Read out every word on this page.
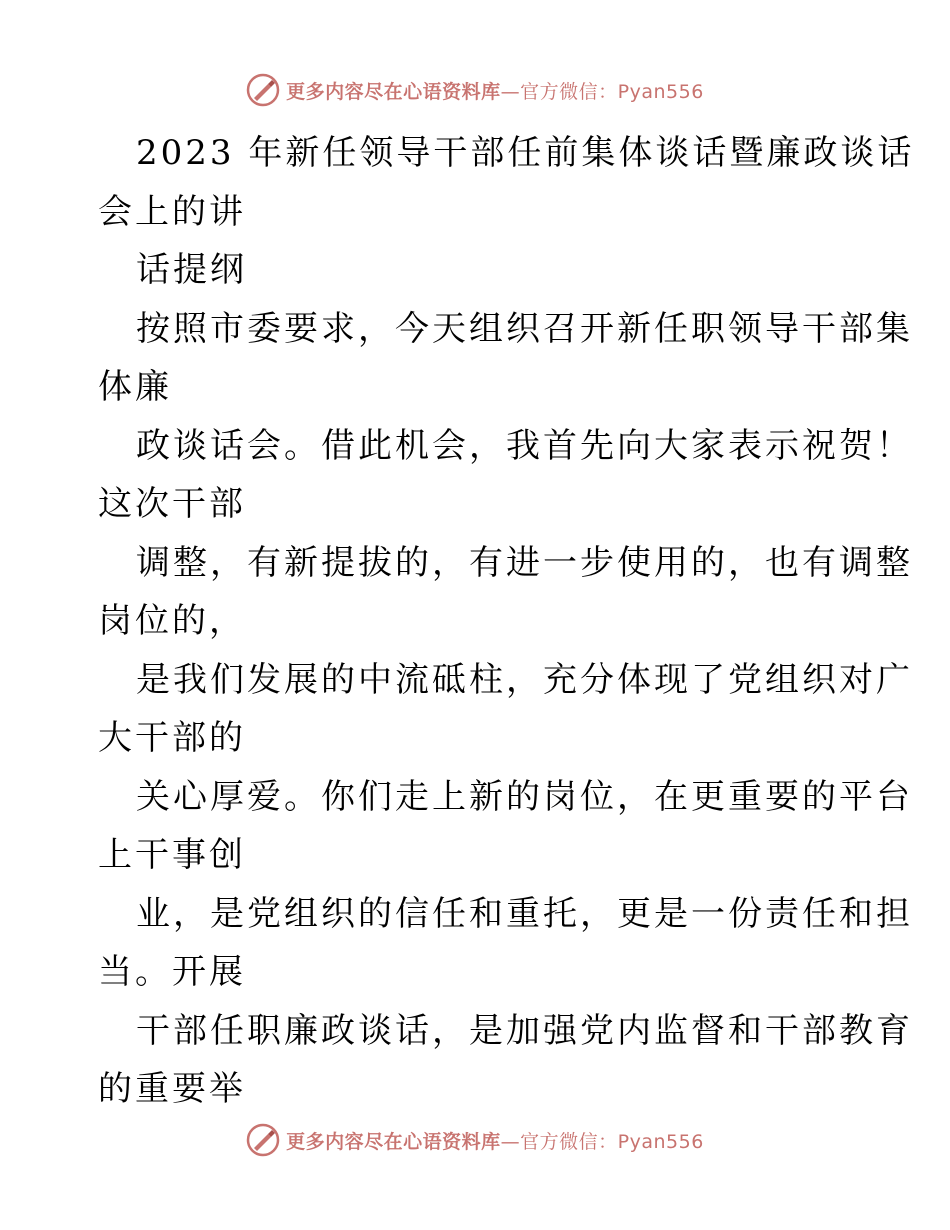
更多内容尽在心语资料库—官方微信：Pyan556
2023 年新任领导干部任前集体谈话暨廉政谈话
会上的讲
话提纲
按照市委要求，今天组织召开新任职领导干部集
体廉
政谈话会。借此机会，我首先向大家表示祝贺！
这次干部
调整，有新提拔的，有进一步使用的，也有调整
岗位的，
是我们发展的中流砥柱，充分体现了党组织对广
大干部的
关心厚爱。你们走上新的岗位，在更重要的平台
上干事创
业，是党组织的信任和重托，更是一份责任和担
当。开展
干部任职廉政谈话，是加强党内监督和干部教育
的重要举
更多内容尽在心语资料库—官方微信：Pyan556
